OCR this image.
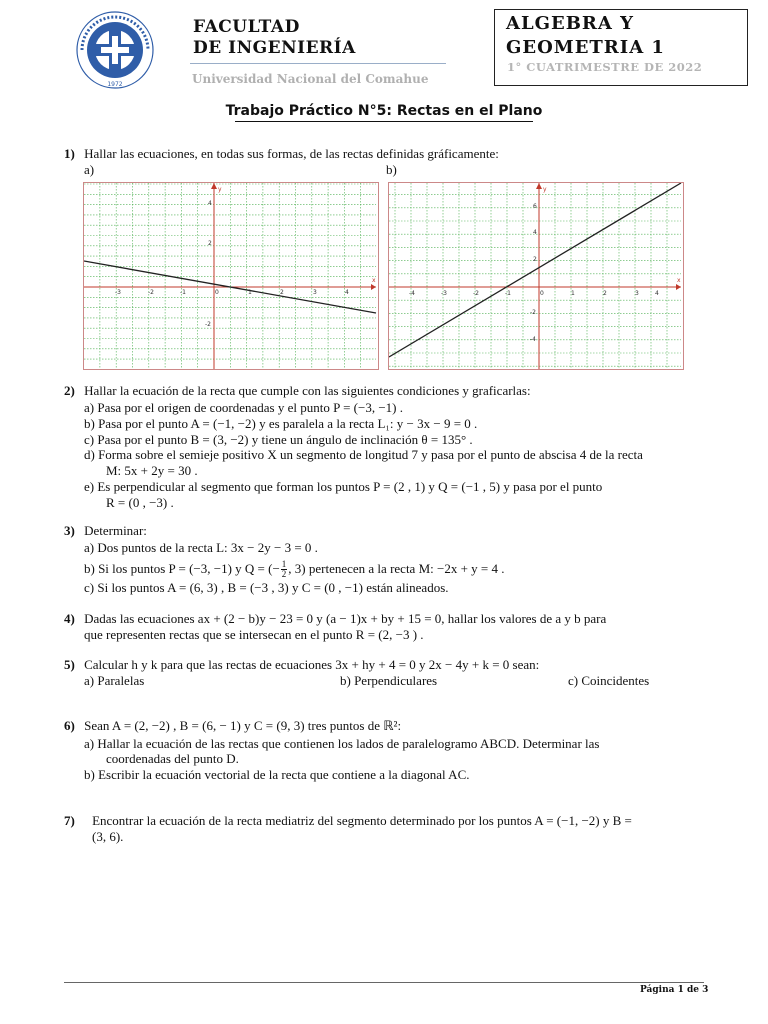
1972
FACULTAD
DE INGENIERÍA
Universidad Nacional del Comahue
ALGEBRA Y
GEOMETRIA 1
1° CUATRIMESTRE DE 2022
Trabajo Práctico N°5: Rectas en el Plano
1) Hallar las ecuaciones, en todas sus formas, de las rectas definidas gráficamente:
a)	b)
x
y
-3	-2	-1	0	1	2	3	4
4
2
-2
x
y
-4	-3	-2	-1	0	1	2	3	4
6
4
2
-2
-4
2) Hallar la ecuación de la recta que cumple con las siguientes condiciones y graficarlas:
a) Pasa por el origen de coordenadas y el punto P = (−3, −1) .
b) Pasa por el punto A = (−1, −2) y es paralela a la recta L₁: y − 3x − 9 = 0 .
c) Pasa por el punto B = (3, −2) y tiene un ángulo de inclinación θ = 135° .
d) Forma sobre el semieje positivo X un segmento de longitud 7 y pasa por el punto de abscisa 4 de la recta
M: 5x + 2y = 30 .
e) Es perpendicular al segmento que forman los puntos P = (2 , 1) y Q = (−1 , 5) y pasa por el punto
R = (0 , −3) .
3) Determinar:
a) Dos puntos de la recta L: 3x − 2y − 3 = 0 .
b) Si los puntos P = (−3, −1) y Q = (− $\frac{1}{2}$ , 3) pertenecen a la recta M: −2x + y = 4 .
c) Si los puntos A = (6, 3) , B = (−3 , 3) y C = (0 , −1) están alineados.
4) Dadas las ecuaciones ax + (2 − b)y − 23 = 0 y (a − 1)x + by + 15 = 0, hallar los valores de a y b para
que representen rectas que se intersecan en el punto R = (2, −3 ) .
5) Calcular h y k para que las rectas de ecuaciones 3x + hy + 4 = 0 y 2x − 4y + k = 0 sean:
a) Paralelas	b) Perpendiculares	c) Coincidentes
6) Sean A = (2, −2) , B = (6, − 1) y C = (9, 3) tres puntos de ℝ²:
a) Hallar la ecuación de las rectas que contienen los lados de paralelogramo ABCD. Determinar las
coordenadas del punto D.
b) Escribir la ecuación vectorial de la recta que contiene a la diagonal AC.
7) Encontrar la ecuación de la recta mediatriz del segmento determinado por los puntos A = (−1, −2) y B =
(3, 6).
Página 1 de 3
